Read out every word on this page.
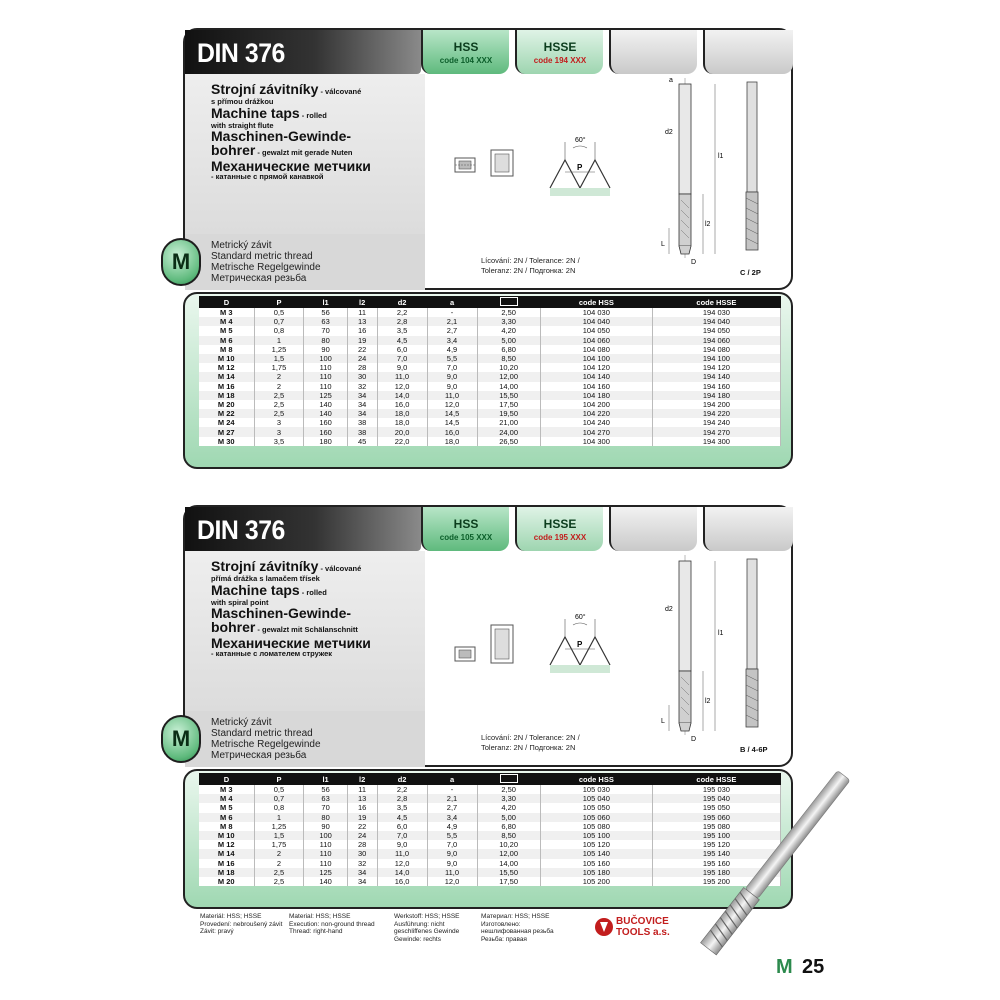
DIN 376	HSS
code 104 XXX
HSSE
code 194 XXX
Strojní závitníky - válcované
s přímou drážkou
Machine taps - rolled
with straight flute
Maschinen-Gewinde-
bohrer - gewalzt mit gerade Nuten
Механические метчики
- катанные с прямой канавкой
M
Metrický závit
Standard metric thread
Metrische Regelgewinde
Метрическая резьба
Lícování: 2N / Tolerance: 2N /
Toleranz: 2N / Подгонка: 2N
60°
P
l1
l2
L
a
d2
D
C / 2P
D	P	l1	l2	d2	a		code HSS	code HSSE
M 3	0,5	56	11	2,2	-	2,50	104 030	194 030
M 4	0,7	63	13	2,8	2,1	3,30	104 040	194 040
M 5	0,8	70	16	3,5	2,7	4,20	104 050	194 050
M 6	1	80	19	4,5	3,4	5,00	104 060	194 060
M 8	1,25	90	22	6,0	4,9	6,80	104 080	194 080
M 10	1,5	100	24	7,0	5,5	8,50	104 100	194 100
M 12	1,75	110	28	9,0	7,0	10,20	104 120	194 120
M 14	2	110	30	11,0	9,0	12,00	104 140	194 140
M 16	2	110	32	12,0	9,0	14,00	104 160	194 160
M 18	2,5	125	34	14,0	11,0	15,50	104 180	194 180
M 20	2,5	140	34	16,0	12,0	17,50	104 200	194 200
M 22	2,5	140	34	18,0	14,5	19,50	104 220	194 220
M 24	3	160	38	18,0	14,5	21,00	104 240	194 240
M 27	3	160	38	20,0	16,0	24,00	104 270	194 270
M 30	3,5	180	45	22,0	18,0	26,50	104 300	194 300
DIN 376	HSS
code 105 XXX
HSSE
code 195 XXX
Strojní závitníky - válcované
přímá drážka s lamačem třísek
Machine taps - rolled
with spiral point
Maschinen-Gewinde-
bohrer - gewalzt mit Schälanschnitt
Механические метчики
- катанные с ломателем стружек
M
Metrický závit
Standard metric thread
Metrische Regelgewinde
Метрическая резьба
Lícování: 2N / Tolerance: 2N /
Toleranz: 2N / Подгонка: 2N
60°
P
l1
l2
L
d2
D
B / 4-6P
D	P	l1	l2	d2	a		code HSS	code HSSE
M 3	0,5	56	11	2,2	-	2,50	105 030	195 030
M 4	0,7	63	13	2,8	2,1	3,30	105 040	195 040
M 5	0,8	70	16	3,5	2,7	4,20	105 050	195 050
M 6	1	80	19	4,5	3,4	5,00	105 060	195 060
M 8	1,25	90	22	6,0	4,9	6,80	105 080	195 080
M 10	1,5	100	24	7,0	5,5	8,50	105 100	195 100
M 12	1,75	110	28	9,0	7,0	10,20	105 120	195 120
M 14	2	110	30	11,0	9,0	12,00	105 140	195 140
M 16	2	110	32	12,0	9,0	14,00	105 160	195 160
M 18	2,5	125	34	14,0	11,0	15,50	105 180	195 180
M 20	2,5	140	34	16,0	12,0	17,50	105 200	195 200
Materiál: HSS; HSSE
Provedení: nebroušený závit
Závit: pravý
Material: HSS; HSSE
Execution: non-ground thread
Thread: right-hand
Werkstoff: HSS; HSSE
Ausführung: nicht
geschliffenes Gewinde
Gewinde: rechts
Материал: HSS; HSSE
Изготовлено:
нешлифованная резьба
Резьба: правая
BUČOVICE
TOOLS a.s.
M 25
